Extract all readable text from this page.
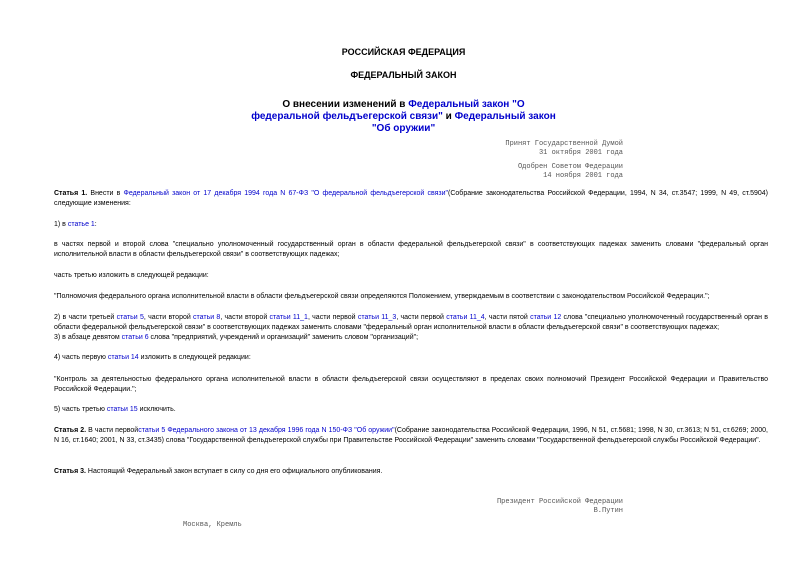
РОССИЙСКАЯ ФЕДЕРАЦИЯ
ФЕДЕРАЛЬНЫЙ ЗАКОН
О внесении изменений в Федеральный закон "О федеральной фельдъегерской связи" и Федеральный закон "Об оружии"
Принят Государственной Думой
31 октября 2001 года
Одобрен Советом Федерации
14 ноября 2001 года
Статья 1. Внести в Федеральный закон от 17 декабря 1994 года N 67-ФЗ "О федеральной фельдъегерской связи"(Собрание законодательства Российской Федерации, 1994, N 34, ст.3547; 1999, N 49, ст.5904) следующие изменения:
1) в статье 1:
в частях первой и второй слова "специально уполномоченный государственный орган в области федеральной фельдъегерской связи" в соответствующих падежах заменить словами "федеральный орган исполнительной власти в области фельдъегерской связи" в соответствующих падежах;
часть третью изложить в следующей редакции:
"Полномочия федерального органа исполнительной власти в области фельдъегерской связи определяются Положением, утверждаемым в соответствии с законодательством Российской Федерации.";
2) в части третьей статьи 5, части второй статьи 8, части второй статьи 11_1, части первой статьи 11_3, части первой статьи 11_4, части пятой статьи 12 слова "специально уполномоченный государственный орган в области федеральной фельдъегерской связи" в соответствующих падежах заменить словами "федеральный орган исполнительной власти в области фельдъегерской связи" в соответствующих падежах;
3) в абзаце девятом статьи 6 слова "предприятий, учреждений и организаций" заменить словом "организаций";
4) часть первую статьи 14 изложить в следующей редакции:
"Контроль за деятельностью федерального органа исполнительной власти в области фельдъегерской связи осуществляют в пределах своих полномочий Президент Российской Федерации и Правительство Российской Федерации.";
5) часть третью статьи 15 исключить.
Статья 2. В части первойстатьи 5 Федерального закона от 13 декабря 1996 года N 150-ФЗ "Об оружии"(Собрание законодательства Российской Федерации, 1996, N 51, ст.5681; 1998, N 30, ст.3613; N 51, ст.6269; 2000, N 16, ст.1640; 2001, N 33, ст.3435) слова "Государственной фельдъегерской службы при Правительстве Российской Федерации" заменить словами "Государственной фельдъегерской службы Российской Федерации".
Статья 3. Настоящий Федеральный закон вступает в силу со дня его официального опубликования.
Президент Российской Федерации
В.Путин
Москва, Кремль
